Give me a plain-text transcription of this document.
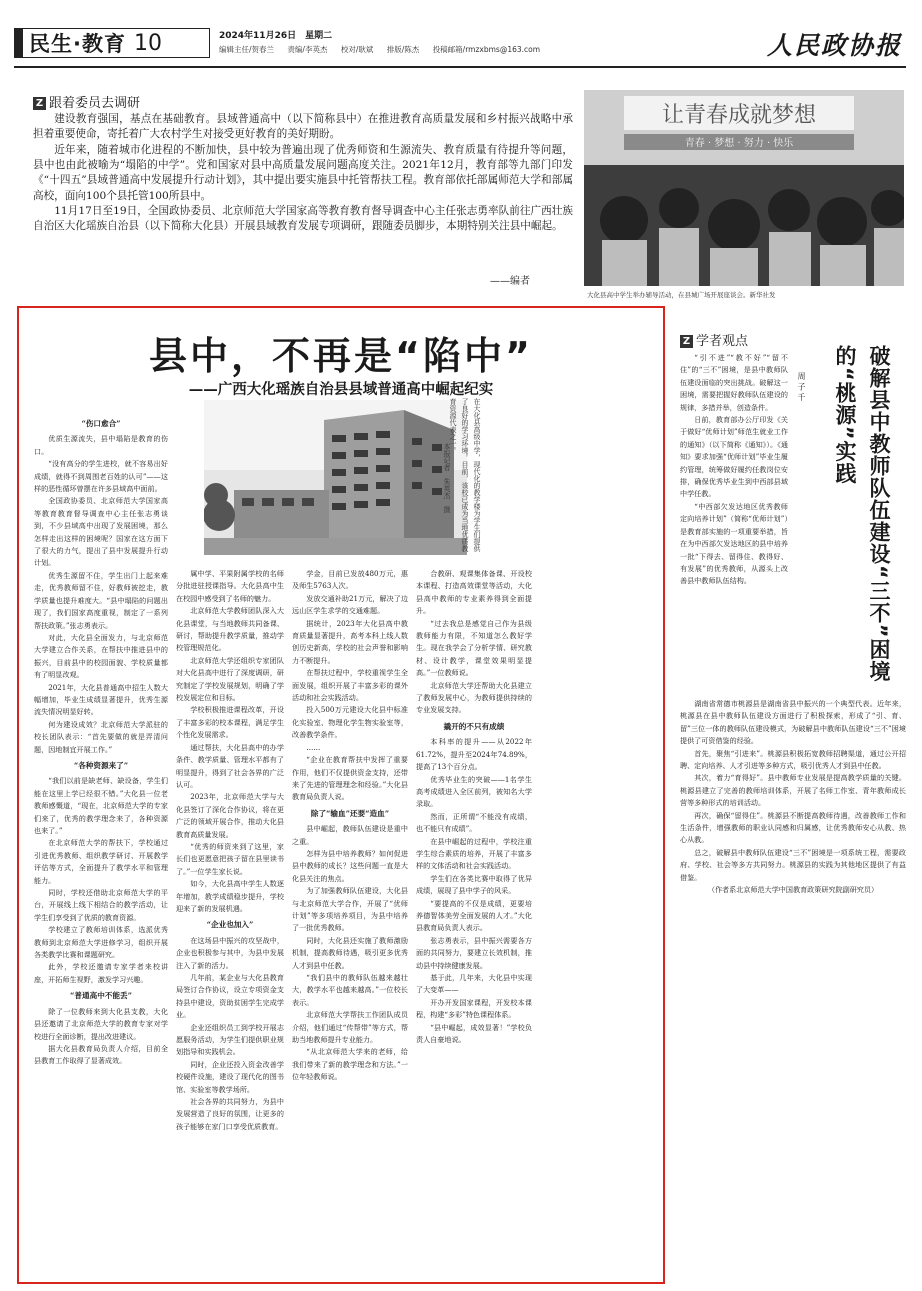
民生·教育 10	2024年11月26日　星期二
编辑主任/贺春兰 责编/李英杰 校对/耿斌 排版/陈杰 投稿邮箱/rmzxbms@163.com	人民政协报
Z 跟着委员去调研

建设教育强国，基点在基础教育。县域普通高中（以下简称县中）在推进教育高质量发展和乡村振兴战略中承担着重要使命，寄托着广大农村学生对接受更好教育的美好期盼。

近年来，随着城市化进程的不断加快，县中较为普遍出现了优秀师资和生源流失、教育质量有待提升等问题，县中也由此被喻为“塌陷的中学”。党和国家对县中高质量发展问题高度关注。2021年12月，教育部等九部门印发《“十四五”县域普通高中发展提升行动计划》，其中提出要实施县中托管帮扶工程。教育部依托部属师范大学和部属高校，面向100个县托管100所县中。

11月17日至19日，全国政协委员、北京师范大学国家高等教育教育督导调查中心主任张志勇率队前往广西壮族自治区大化瑶族自治县（以下简称大化县）开展县域教育发展专项调研，跟随委员脚步，本期特别关注县中崛起。

——编者
让青春成就梦想
青春 · 梦想 · 努力 · 快乐
大化县高中学生举办辅导活动，在县城广场开展座谈会。新华社发
县中，不再是“陷中”
——广西大化瑶族自治县县域普通高中崛起纪实
本报记者　朱英杰　摄	在大化县高级中学，现代化的教学楼为学生们提供了良好的学习环境。目前，该校已成为当地优质教育资源代表之一。
“伤口愈合”

优质生源流失，县中塌陷是教育的伤口。

“没有高分的学生进校，就不容易出好成绩，就得不到周围老百姓的认可”——这样的恶性循环曾摆在许多县域高中面前。

全国政协委员、北京师范大学国家高等教育教育督导调查中心主任张志勇谈到，不少县域高中出现了发展困境，那么怎样走出这样的困境呢？国家在这方面下了很大的力气，提出了县中发展提升行动计划。

优秀生源留不住，学生出门上起来难走，优秀教师留不住，好教师被挖走，教学质量也提升难度大。“县中塌陷的问题出现了，我们国家高度重视，制定了一系列帮扶政策。”张志勇表示。

对此，大化县全面发力，与北京师范大学建立合作关系，在帮扶中推进县中的振兴，目前县中的校园面貌、学校质量都有了明显改观。

2021年，大化县普通高中招生人数大幅增加，毕业生成绩显著提升，优秀生源流失情况明显好转。

何为建设成效？北京师范大学派驻的校长团队表示：“首先要做的就是弄清问题，因地制宜开展工作。”

“各种资源来了”

“我们以前是缺老师、缺设备，学生们能在这里上学已经很不错。”大化县一位老教师感慨道，“现在，北京师范大学的专家们来了，优秀的教学理念来了，各种资源也来了。”

在北京师范大学的帮扶下，学校通过引进优秀教师、组织教学研讨、开展教学评估等方式，全面提升了教学水平和管理能力。

同时，学校还借助北京师范大学的平台，开展线上线下相结合的教学活动，让学生们享受到了优质的教育资源。

学校建立了教师培训体系，选派优秀教师到北京师范大学进修学习，组织开展各类教学比赛和课题研究。

此外，学校还邀请专家学者来校讲座，开拓师生视野，激发学习兴趣。

“普通高中不能丢”

除了一位教师来到大化县支教，大化县还邀请了北京师范大学的教育专家对学校进行全面诊断，提出改进建议。

据大化县教育局负责人介绍，目前全县教育工作取得了显著成效。

属中学、平果附属学校的名师分批进驻授课指导。大化县高中生在校园中感受到了名师的魅力。

北京师范大学教师团队深入大化县课堂，与当地教师共同备课、研讨，帮助提升教学质量，推动学校管理规范化。

北京师范大学还组织专家团队对大化县高中进行了深度调研，研究制定了学校发展规划，明确了学校发展定位和目标。

学校积极推进课程改革，开设了丰富多彩的校本课程，满足学生个性化发展需求。

通过帮扶，大化县高中的办学条件、教学质量、管理水平都有了明显提升，得到了社会各界的广泛认可。

2023年，北京师范大学与大化县签订了深化合作协议，将在更广泛的领域开展合作，推动大化县教育高质量发展。

“优秀的师资来到了这里，家长们也更愿意把孩子留在县里读书了。”一位学生家长说。

如今，大化县高中学生人数逐年增加，教学成绩稳步提升，学校迎来了新的发展机遇。

“企业也加入”

在这场县中振兴的攻坚战中，企业也积极参与其中，为县中发展注入了新的活力。

几年前，某企业与大化县教育局签订合作协议，设立专项资金支持县中建设，资助贫困学生完成学业。

企业还组织员工到学校开展志愿服务活动，为学生们提供职业规划指导和实践机会。

同时，企业还投入资金改善学校硬件设施，建设了现代化的图书馆、实验室等教学场所。

社会各界的共同努力，为县中发展营造了良好的氛围，让更多的孩子能够在家门口享受优质教育。

学金，目前已发放480万元，惠及师生5763人次。

发放交通补助21万元，解决了边远山区学生求学的交通难题。

据统计，2023年大化县高中教育质量显著提升，高考本科上线人数创历史新高，学校的社会声誉和影响力不断提升。

在帮扶过程中，学校重视学生全面发展，组织开展了丰富多彩的课外活动和社会实践活动。

投入500万元建设大化县中标准化实验室、物理化学生物实验室等，改善教学条件。

……

“企业在教育帮扶中发挥了重要作用，他们不仅提供资金支持，还带来了先进的管理理念和经验。”大化县教育局负责人说。

除了“输血”还要“造血”

县中崛起，教师队伍建设是重中之重。

怎样为县中培养教师？如何促进县中教师的成长？这些问题一直是大化县关注的焦点。

为了加强教师队伍建设，大化县与北京师范大学合作，开展了“优师计划”等多项培养项目，为县中培养了一批优秀教师。

同时，大化县还实施了教师激励机制，提高教师待遇，吸引更多优秀人才到县中任教。

“我们县中的教师队伍越来越壮大，教学水平也越来越高。”一位校长表示。

北京师范大学帮扶工作团队成员介绍，他们通过“传帮带”等方式，帮助当地教师提升专业能力。

“从北京师范大学来的老师，给我们带来了新的教学理念和方法。”一位年轻教师说。

合教研、观课集体备课、开设校本课程、打造高效课堂等活动，大化县高中教师的专业素养得到全面提升。

“过去我总是感觉自己作为县级教师能力有限，不知道怎么教好学生。现在我学会了分析学情、研究教材、设计教学，课堂效果明显提高。”一位教师说。

北京师范大学还帮助大化县建立了教师发展中心，为教师提供持续的专业发展支持。

撬开的不只有成绩

本科率的提升——从2022年61.72%，提升至2024年74.89%，提高了13个百分点。

优秀毕业生的突破——1名学生高考成绩进入全区前列，被知名大学录取。

然而，正所谓“不能没有成绩，也不能只有成绩”。

在县中崛起的过程中，学校注重学生综合素质的培养，开展了丰富多样的文体活动和社会实践活动。

学生们在各类比赛中取得了优异成绩，展现了县中学子的风采。

“要提高的不仅是成绩，更要培养德智体美劳全面发展的人才。”大化县教育局负责人表示。

张志勇表示，县中振兴需要各方面的共同努力，要建立长效机制，推动县中持续健康发展。

基于此，几年来，大化县中实现了大变革——

开办开发国家课程，开发校本课程，构建“多彩”特色课程体系。

“县中崛起，成效显著！”学校负责人自豪地说。

Z 学者观点
破解县中教师队伍建设“三不”困境的“桃源”实践
周 子 千

“引不进”“教不好”“留不住”的“三不”困境，是县中教师队伍建设面临的突出挑战。破解这一困境，需要把握好教师队伍建设的规律，多措并举，创造条件。

日前，教育部办公厅印发《关于做好“优师计划”师范生就业工作的通知》（以下简称《通知》）。《通知》要求加强“优师计划”毕业生履约管理，统筹做好履约任教岗位安排，确保优秀毕业生到中西部县域中学任教。

“中西部欠发达地区优秀教师定向培养计划”（简称“优师计划”）是教育部实施的一项重要举措，旨在为中西部欠发达地区的县中培养一批“下得去、留得住、教得好、有发展”的优秀教师，从源头上改善县中教师队伍结构。

湖南省常德市桃源县是湖南省县中振兴的一个典型代表。近年来，桃源县在县中教师队伍建设方面进行了积极探索，形成了“引、育、留”三位一体的教师队伍建设模式，为破解县中教师队伍建设“三不”困境提供了可资借鉴的经验。

首先，聚焦“引进来”。桃源县积极拓宽教师招聘渠道，通过公开招聘、定向培养、人才引进等多种方式，吸引优秀人才到县中任教。

其次，着力“育得好”。县中教师专业发展是提高教学质量的关键。桃源县建立了完善的教师培训体系，开展了名师工作室、青年教师成长营等多种形式的培训活动。

再次，确保“留得住”。桃源县不断提高教师待遇，改善教师工作和生活条件，增强教师的职业认同感和归属感，让优秀教师安心从教、热心从教。

总之，破解县中教师队伍建设“三不”困境是一项系统工程，需要政府、学校、社会等多方共同努力。桃源县的实践为其他地区提供了有益借鉴。

（作者系北京师范大学中国教育政策研究院副研究员）
